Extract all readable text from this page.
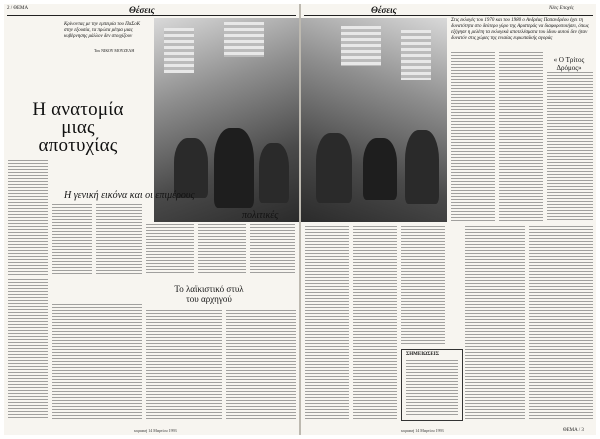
2 / ΘΕΜΑ	Θέσεις
Κρίνοντας με την εμπειρία του ΠαΣοΚ στην εξουσία, τα πρώτα μέτρα μιας κυβέρνησης μάλλον δεν στοιχίζουν
Του ΝΙΚΟΥ ΜΟΥΖΕΛΗ
Η ανατομία
μιας
αποτυχίας
Η γενική εικόνα και οι επιμέρους
πολιτικές
Το λαϊκιστικό στυλ
του αρχηγού
κυριακή 14 Μαρτίου 1993
Θέσεις	Νέες Εποχές
Στις εκλογές του 1970 και του 1980 ο Ανδρέας Παπανδρέου έχει τη δυνατότητα στο δεύτερο γύρο της Αριστεράς να διαφοροποιήσει, όπως εξήγησε η μελέτη τα εκλογικά αποτελέσματα του ίδιου αυτού δεν ήταν δυνατόν στις χώρες της ενιαίας ευρωπαϊκής αγοράς
« Ο Τρίτος Δρόμος»
ΣΗΜΕΙΩΣΕΙΣ
κυριακή 14 Μαρτίου 1993	ΘΕΜΑ / 3
